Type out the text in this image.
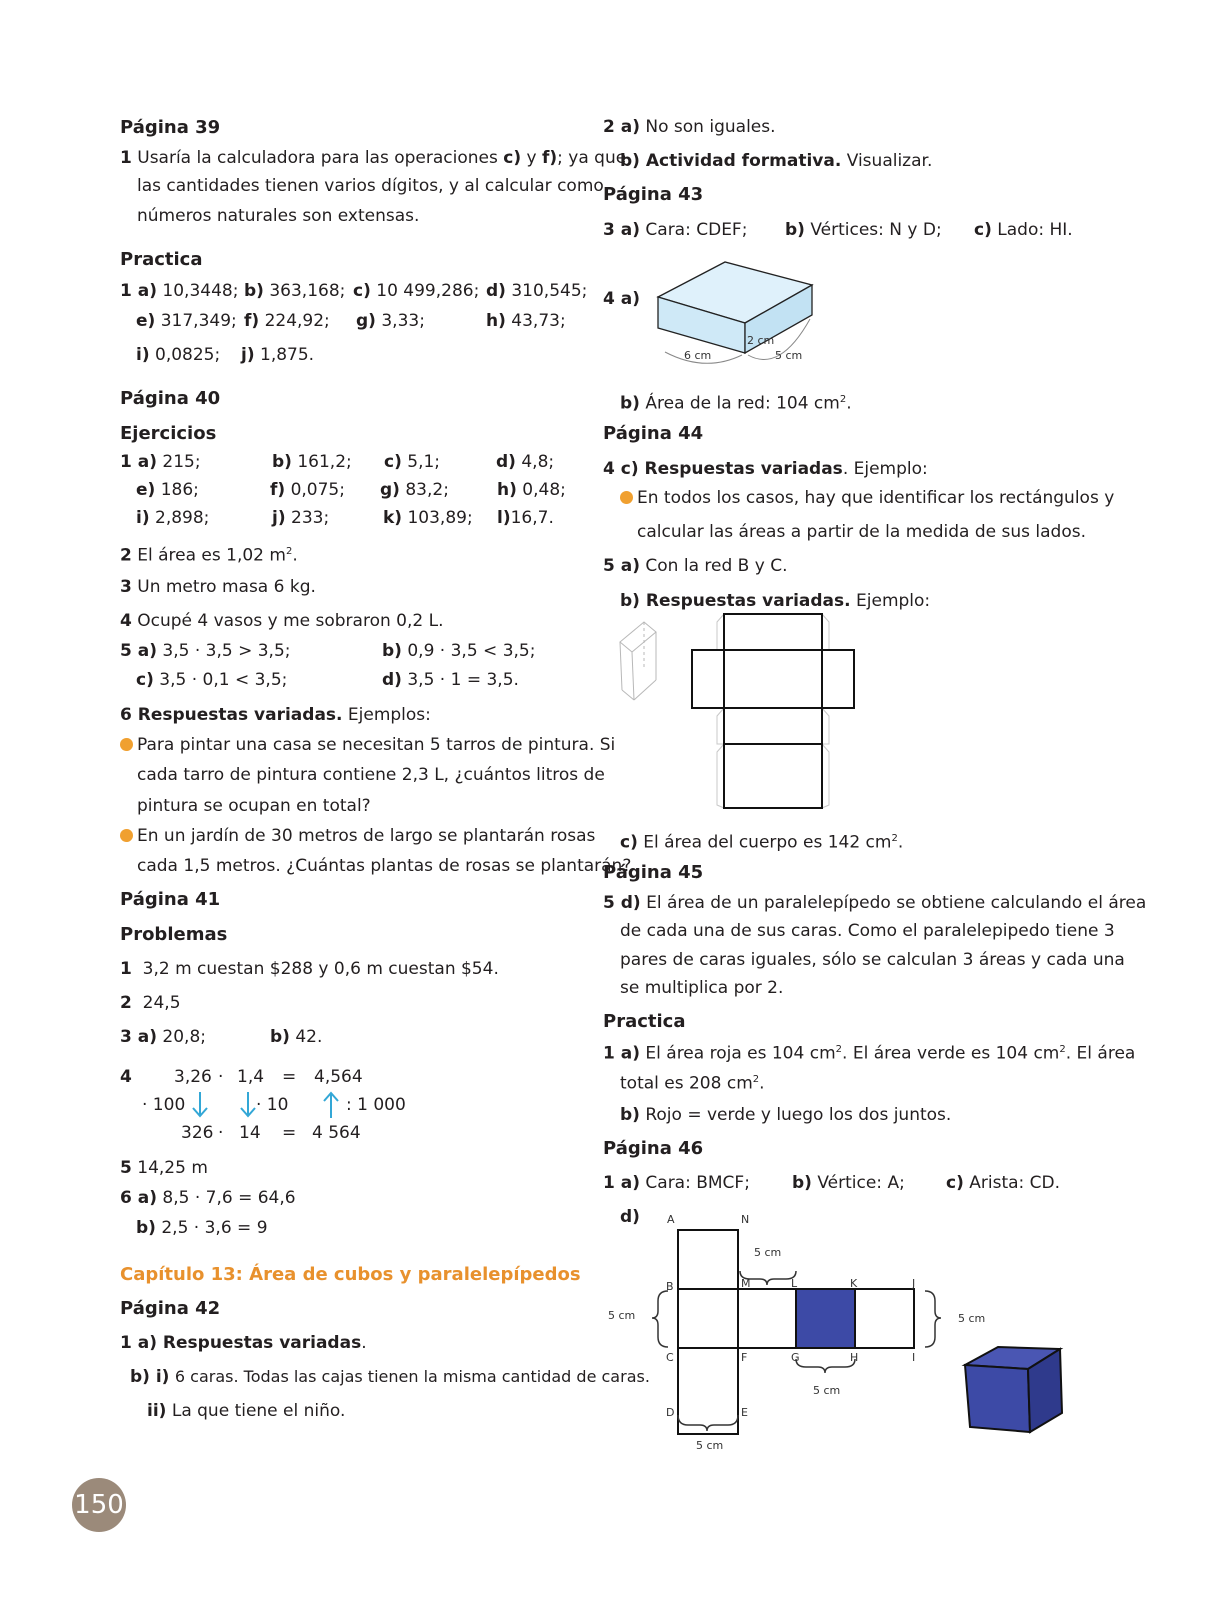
Página 39
1 Usaría la calculadora para las operaciones c) y f); ya que
las cantidades tienen varios dígitos, y al calcular como
números naturales son extensas.
Practica
1 a) 10,3448; b) 363,168; c) 10 499,286; d) 310,545;
e) 317,349; f) 224,92; g) 3,33;	h) 43,73;
i) 0,0825; j) 1,875.
Página 40
Ejercicios
1 a) 215;	b) 161,2; c) 5,1;	d) 4,8;
e) 186;	f) 0,075; g) 83,2;	h) 0,48;
i) 2,898;	j) 233;	k) 103,89; l)16,7.
2 El área es 1,02 $m^2$.
3 Un metro masa 6 kg.
4 Ocupé 4 vasos y me sobraron 0,2 L.
5 a) 3,5 · 3,5 > 3,5;	b) 0,9 · 3,5 < 3,5;
c) 3,5 · 0,1 < 3,5;	d) 3,5 · 1 = 3,5.
6 Respuestas variadas. Ejemplos:
Para pintar una casa se necesitan 5 tarros de pintura. Si
cada tarro de pintura contiene 2,3 L, ¿cuántos litros de
pintura se ocupan en total?
En un jardín de 30 metros de largo se plantarán rosas
cada 1,5 metros. ¿Cuántas plantas de rosas se plantarán?
Página 41
Problemas
1 3,2 m cuestan $288 y 0,6 m cuestan $54.
2 24,5
3 a) 20,8;	b) 42.
4 3,26 · 1,4 = 4,564
· 100	· 10	: 1 000
326 · 14 = 4 564
5 14,25 m
6 a) 8,5 · 7,6 = 64,6
b) 2,5 · 3,6 = 9
Capítulo 13: Área de cubos y paralelepípedos
Página 42
1 a) Respuestas variadas.
b) i) 6 caras. Todas las cajas tienen la misma cantidad de caras.
ii) La que tiene el niño.
2 a) No son iguales.
b) Actividad formativa. Visualizar.
Página 43
3 a) Cara: CDEF; b) Vértices: N y D; c) Lado: HI.
4 a)
2 cm
6 cm	5 cm
b) Área de la red: 104 $cm^2$.
Página 44
4 c) Respuestas variadas. Ejemplo:
En todos los casos, hay que identificar los rectángulos y
calcular las áreas a partir de la medida de sus lados.
5 a) Con la red B y C.
b) Respuestas variadas. Ejemplo:
c) El área del cuerpo es 142 $cm^2$.
Página 45
5 d) El área de un paralelepípedo se obtiene calculando el área
de cada una de sus caras. Como el paralelepipedo tiene 3
pares de caras iguales, sólo se calculan 3 áreas y cada una
se multiplica por 2.
Practica
1 a) El área roja es 104 $cm^2$. El área verde es 104 $cm^2$. El área
total es 208 $cm^2$.
b) Rojo = verde y luego los dos juntos.
Página 46
1 a) Cara: BMCF; b) Vértice: A; c) Arista: CD.
d) A	N
B	M	L	K	J
C	F	G	H	I
D	E
5 cm
5 cm
5 cm
5 cm
5 cm
150
